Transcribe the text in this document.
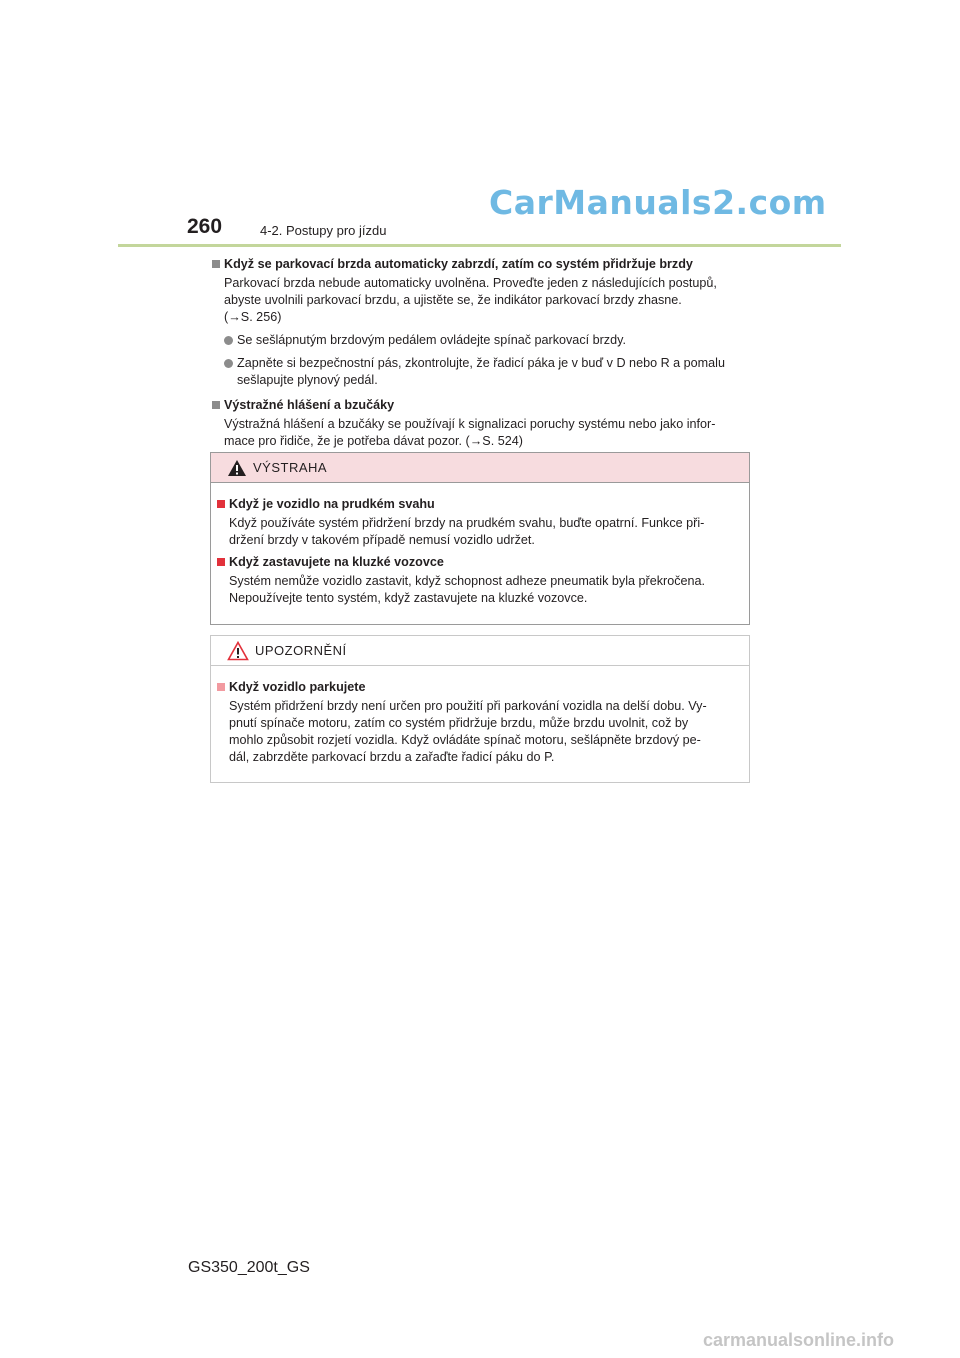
CarManuals2.com
260	4-2. Postupy pro jízdu

Když se parkovací brzda automaticky zabrzdí, zatím co systém přidržuje brzdy

Parkovací brzda nebude automaticky uvolněna. Proveďte jeden z následujících postupů,
abyste uvolnili parkovací brzdu, a ujistěte se, že indikátor parkovací brzdy zhasne.
(→S. 256)
Se sešlápnutým brzdovým pedálem ovládejte spínač parkovací brzdy.
Zapněte si bezpečnostní pás, zkontrolujte, že řadicí páka je v buď v D nebo R a pomalu
sešlapujte plynový pedál.

Výstražné hlášení a bzučáky

Výstražná hlášení a bzučáky se používají k signalizaci poruchy systému nebo jako infor-
mace pro řidiče, že je potřeba dávat pozor. (→S. 524)
VÝSTRAHA

Když je vozidlo na prudkém svahu

Když používáte systém přidržení brzdy na prudkém svahu, buďte opatrní. Funkce při-
držení brzdy v takovém případě nemusí vozidlo udržet.

Když zastavujete na kluzké vozovce

Systém nemůže vozidlo zastavit, když schopnost adheze pneumatik byla překročena.
Nepoužívejte tento systém, když zastavujete na kluzké vozovce.
UPOZORNĚNÍ

Když vozidlo parkujete

Systém přidržení brzdy není určen pro použití při parkování vozidla na delší dobu. Vy-
pnutí spínače motoru, zatím co systém přidržuje brzdu, může brzdu uvolnit, což by
mohlo způsobit rozjetí vozidla. Když ovládáte spínač motoru, sešlápněte brzdový pe-
dál, zabrzděte parkovací brzdu a zařaďte řadicí páku do P.
GS350_200t_GS
carmanualsonline.info
